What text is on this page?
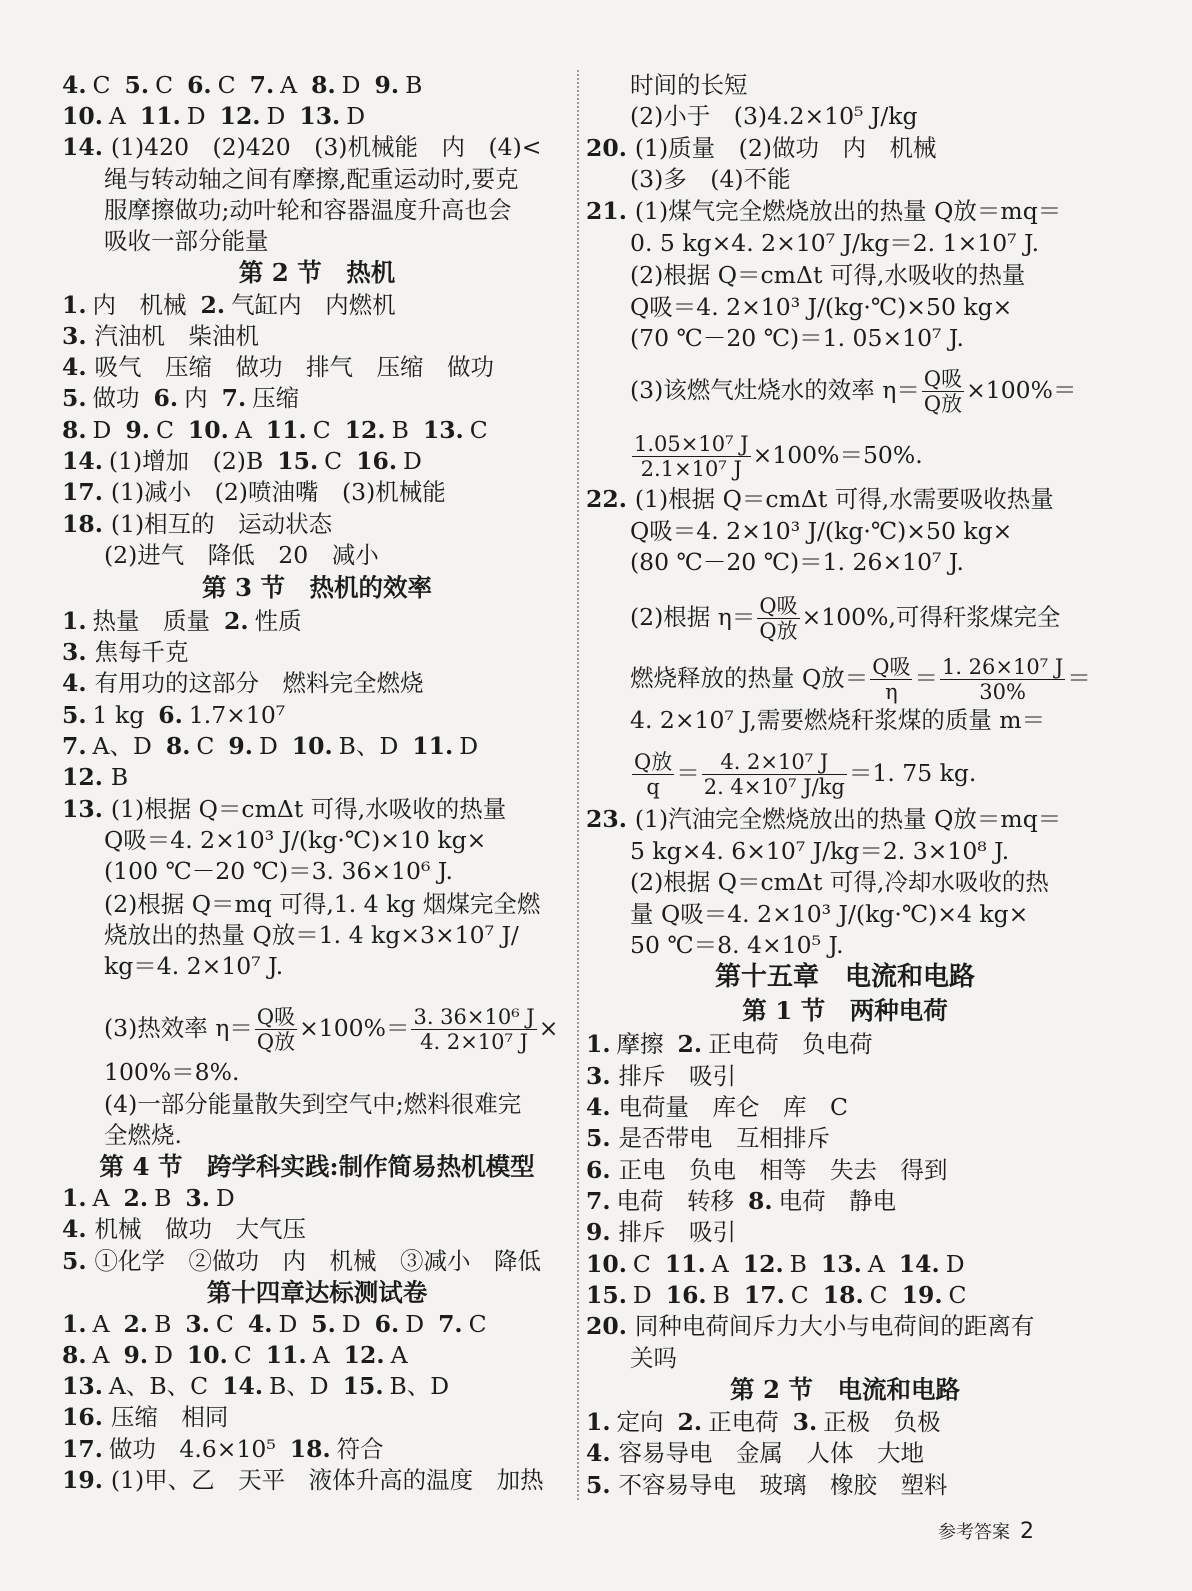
4. C 5. C 6. C 7. A 8. D 9. B
10. A 11. D 12. D 13. D
14. (1)420　(2)420　(3)机械能　内　(4)<
绳与转动轴之间有摩擦,配重运动时,要克
服摩擦做功;动叶轮和容器温度升高也会
吸收一部分能量
第 2 节　热机
1. 内　机械 2. 气缸内　内燃机
3. 汽油机　柴油机
4. 吸气　压缩　做功　排气　压缩　做功
5. 做功 6. 内 7. 压缩
8. D 9. C 10. A 11. C 12. B 13. C
14. (1)增加　(2)B 15. C 16. D
17. (1)减小　(2)喷油嘴　(3)机械能
18. (1)相互的　运动状态
(2)进气　降低　20　减小
第 3 节　热机的效率
1. 热量　质量 2. 性质
3. 焦每千克
4. 有用功的这部分　燃料完全燃烧
5. 1 kg 6. 1.7×10⁷
7. A、D 8. C 9. D 10. B、D 11. D
12. B
13. (1)根据 Q＝cmΔt 可得,水吸收的热量
Q吸＝4. 2×10³ J/(kg·℃)×10 kg×
(100 ℃－20 ℃)＝3. 36×10⁶ J.
(2)根据 Q＝mq 可得,1. 4 kg 烟煤完全燃
烧放出的热量 Q放＝1. 4 kg×3×10⁷ J/
kg＝4. 2×10⁷ J.
(3)热效率 $\eta= \frac{\text{Q吸}}{\text{Q放}} \times 100\%= \frac{\text{3. 36×10⁶ J}}{\text{4. 2×10⁷ J}}$ ×
100%＝8%.
(4)一部分能量散失到空气中;燃料很难完
全燃烧.
第 4 节　跨学科实践:制作简易热机模型
1. A 2. B 3. D
4. 机械　做功　大气压
5. ①化学　②做功　内　机械　③减小　降低
第十四章达标测试卷
1. A 2. B 3. C 4. D 5. D 6. D 7. C
8. A 9. D 10. C 11. A 12. A
13. A、B、C 14. B、D 15. B、D
16. 压缩　相同
17. 做功　4.6×10⁵ 18. 符合
19. (1)甲、乙　天平　液体升高的温度　加热
时间的长短
(2)小于　(3)4.2×10⁵ J/kg
20. (1)质量　(2)做功　内　机械
(3)多　(4)不能
21. (1)煤气完全燃烧放出的热量 Q放＝mq＝
0. 5 kg×4. 2×10⁷ J/kg＝2. 1×10⁷ J.
(2)根据 Q＝cmΔt 可得,水吸收的热量
Q吸＝4. 2×10³ J/(kg·℃)×50 kg×
(70 ℃－20 ℃)＝1. 05×10⁷ J.
(3)该燃气灶烧水的效率 $\eta= \frac{\text{Q吸}}{\text{Q放}} \times 100\%=$
$\frac{\text{1.05×10⁷ J}}{\text{2.1×10⁷ J}} \times 100\%=50\%$.
22. (1)根据 Q＝cmΔt 可得,水需要吸收热量
Q吸＝4. 2×10³ J/(kg·℃)×50 kg×
(80 ℃－20 ℃)＝1. 26×10⁷ J.
(2)根据 $\eta= \frac{\text{Q吸}}{\text{Q放}} \times 100\%$,可得秆浆煤完全
燃烧释放的热量 Q放＝ $\frac{\text{Q吸}}{\eta} = \frac{\text{1. 26×10⁷ J}}{30\%}$ ＝
4. 2×10⁷ J,需要燃烧秆浆煤的质量 m＝
$\frac{\text{Q放}}{q} = \frac{\text{4. 2×10⁷ J}}{\text{2. 4×10⁷ J/kg}} =1$. 75 kg.
23. (1)汽油完全燃烧放出的热量 Q放＝mq＝
5 kg×4. 6×10⁷ J/kg＝2. 3×10⁸ J.
(2)根据 Q＝cmΔt 可得,冷却水吸收的热
量 Q吸＝4. 2×10³ J/(kg·℃)×4 kg×
50 ℃＝8. 4×10⁵ J.
第十五章　电流和电路
第 1 节　两种电荷
1. 摩擦 2. 正电荷　负电荷
3. 排斥　吸引
4. 电荷量　库仑　库　C
5. 是否带电　互相排斥
6. 正电　负电　相等　失去　得到
7. 电荷　转移 8. 电荷　静电
9. 排斥　吸引
10. C 11. A 12. B 13. A 14. D
15. D 16. B 17. C 18. C 19. C
20. 同种电荷间斥力大小与电荷间的距离有
关吗
第 2 节　电流和电路
1. 定向 2. 正电荷 3. 正极　负极
4. 容易导电　金属　人体　大地
5. 不容易导电　玻璃　橡胶　塑料
参考答案 2
